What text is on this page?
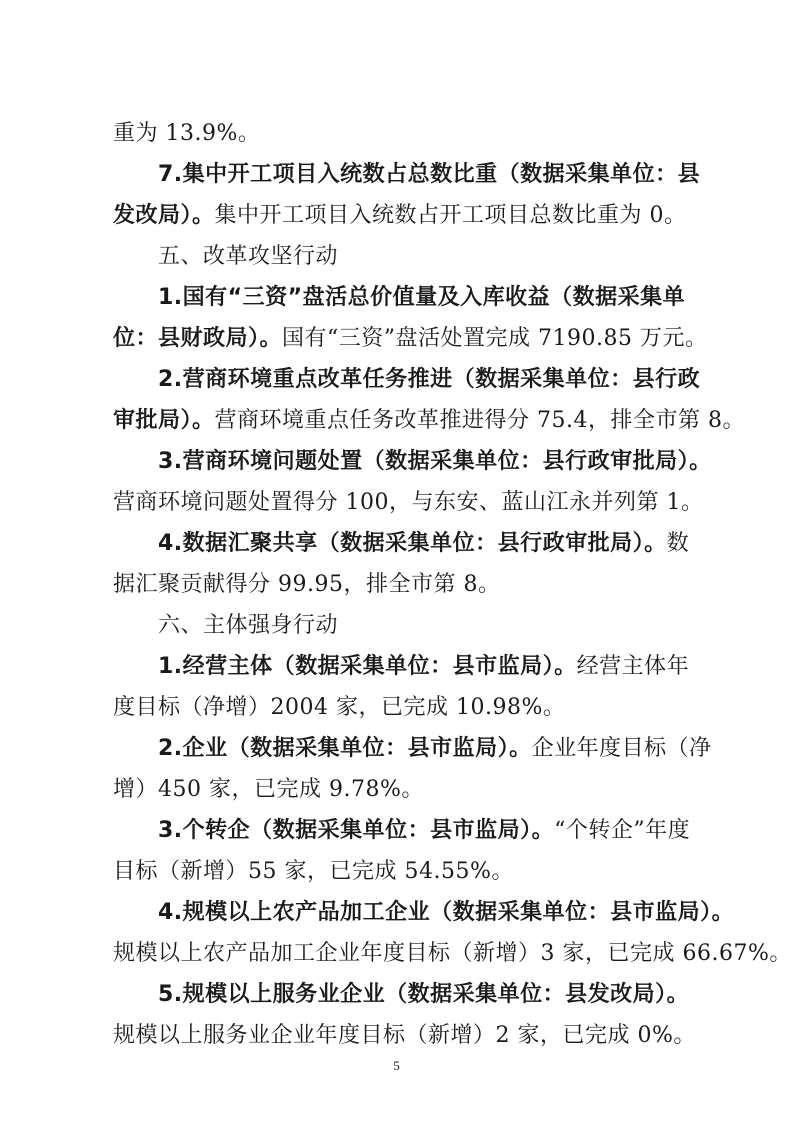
重为 13.9%。
7.集中开工项目入统数占总数比重（数据采集单位：县
发改局）。集中开工项目入统数占开工项目总数比重为 0。
五、改革攻坚行动
1.国有“三资”盘活总价值量及入库收益（数据采集单
位：县财政局）。国有“三资”盘活处置完成 7190.85 万元。
2.营商环境重点改革任务推进（数据采集单位：县行政
审批局）。营商环境重点任务改革推进得分 75.4，排全市第 8。
3.营商环境问题处置（数据采集单位：县行政审批局）。
营商环境问题处置得分 100，与东安、蓝山江永并列第 1。
4.数据汇聚共享（数据采集单位：县行政审批局）。数
据汇聚贡献得分 99.95，排全市第 8。
六、主体强身行动
1.经营主体（数据采集单位：县市监局）。经营主体年
度目标（净增）2004 家，已完成 10.98%。
2.企业（数据采集单位：县市监局）。企业年度目标（净
增）450 家，已完成 9.78%。
3.个转企（数据采集单位：县市监局）。“个转企”年度
目标（新增）55 家，已完成 54.55%。
4.规模以上农产品加工企业（数据采集单位：县市监局）。
规模以上农产品加工企业年度目标（新增）3 家，已完成 66.67%。
5.规模以上服务业企业（数据采集单位：县发改局）。
规模以上服务业企业年度目标（新增）2 家，已完成 0%。
5
